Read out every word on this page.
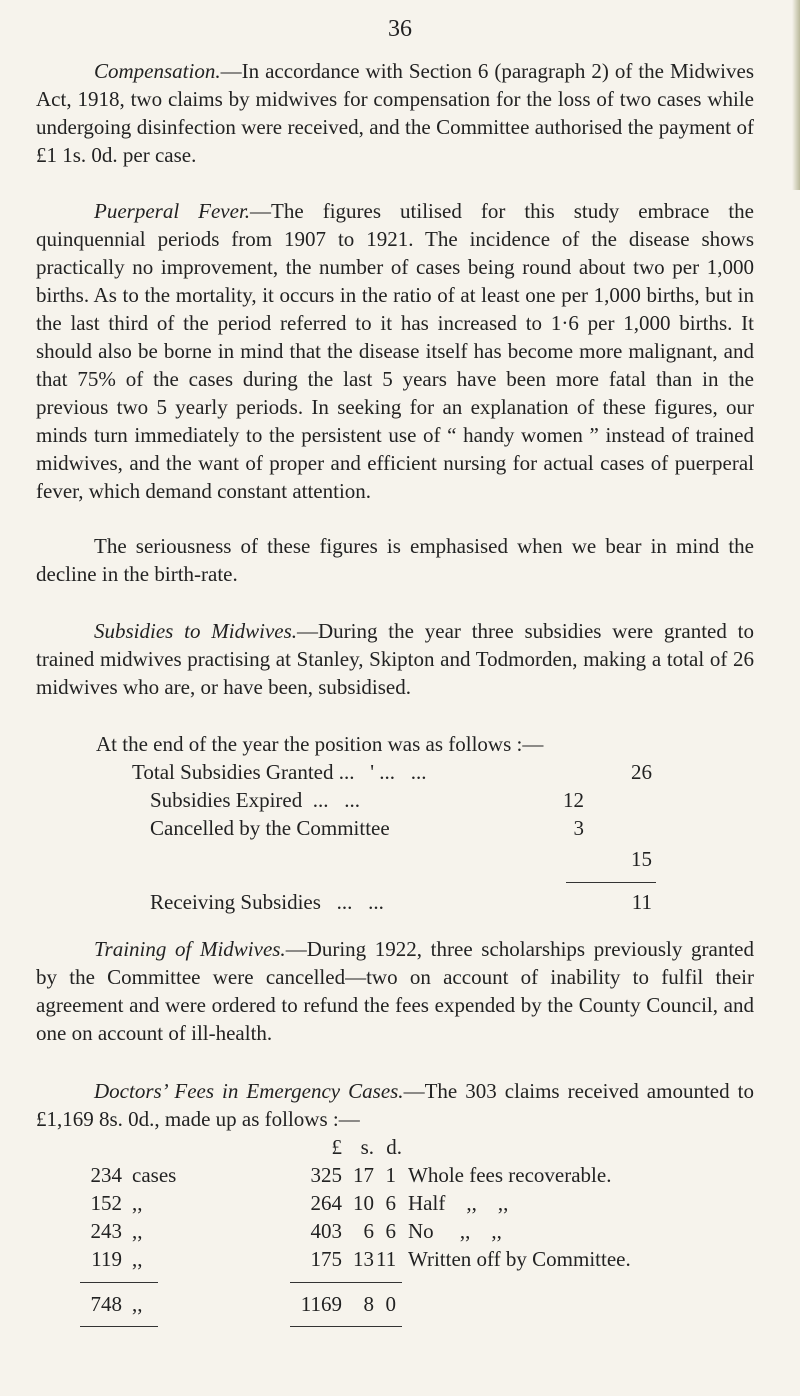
36

Compensation.—In accordance with Section 6 (paragraph 2) of the Midwives Act, 1918, two claims by midwives for compensation for the loss of two cases while undergoing disinfection were received, and the Committee authorised the payment of £1 1s. 0d. per case.

Puerperal Fever.—The figures utilised for this study embrace the quinquennial periods from 1907 to 1921. The incidence of the disease shows practically no improvement, the number of cases being round about two per 1,000 births. As to the mortality, it occurs in the ratio of at least one per 1,000 births, but in the last third of the period referred to it has increased to 1·6 per 1,000 births. It should also be borne in mind that the disease itself has become more malignant, and that 75% of the cases during the last 5 years have been more fatal than in the previous two 5 yearly periods. In seeking for an explanation of these figures, our minds turn immediately to the persistent use of “ handy women ” instead of trained midwives, and the want of proper and efficient nursing for actual cases of puerperal fever, which demand constant attention.

The seriousness of these figures is emphasised when we bear in mind the decline in the birth-rate.

Subsidies to Midwives.—During the year three subsidies were granted to trained midwives practising at Stanley, Skipton and Todmorden, making a total of 26 midwives who are, or have been, subsidised.

At the end of the year the position was as follows :—
Total Subsidies Granted ...   ' ...   ...	26
Subsidies Expired  ...   ...	12
Cancelled by the Committee	3
15
Receiving Subsidies   ...   ...	11

Training of Midwives.—During 1922, three scholarships previously granted by the Committee were cancelled—two on account of inability to fulfil their agreement and were ordered to refund the fees expended by the County Council, and one on account of ill-health.

Doctors’ Fees in Emergency Cases.—The 303 claims received amounted to £1,169 8s. 0d., made up as follows :—

£ s. d.
234 cases	325 17 1 Whole fees recoverable.
152 ,,	264 10 6 Half    ,,    ,,
243 ,,	403	6 6 No     ,,    ,,
119 ,,	175 13 11 Written off by Committee.
748 ,,	1169	8 0
